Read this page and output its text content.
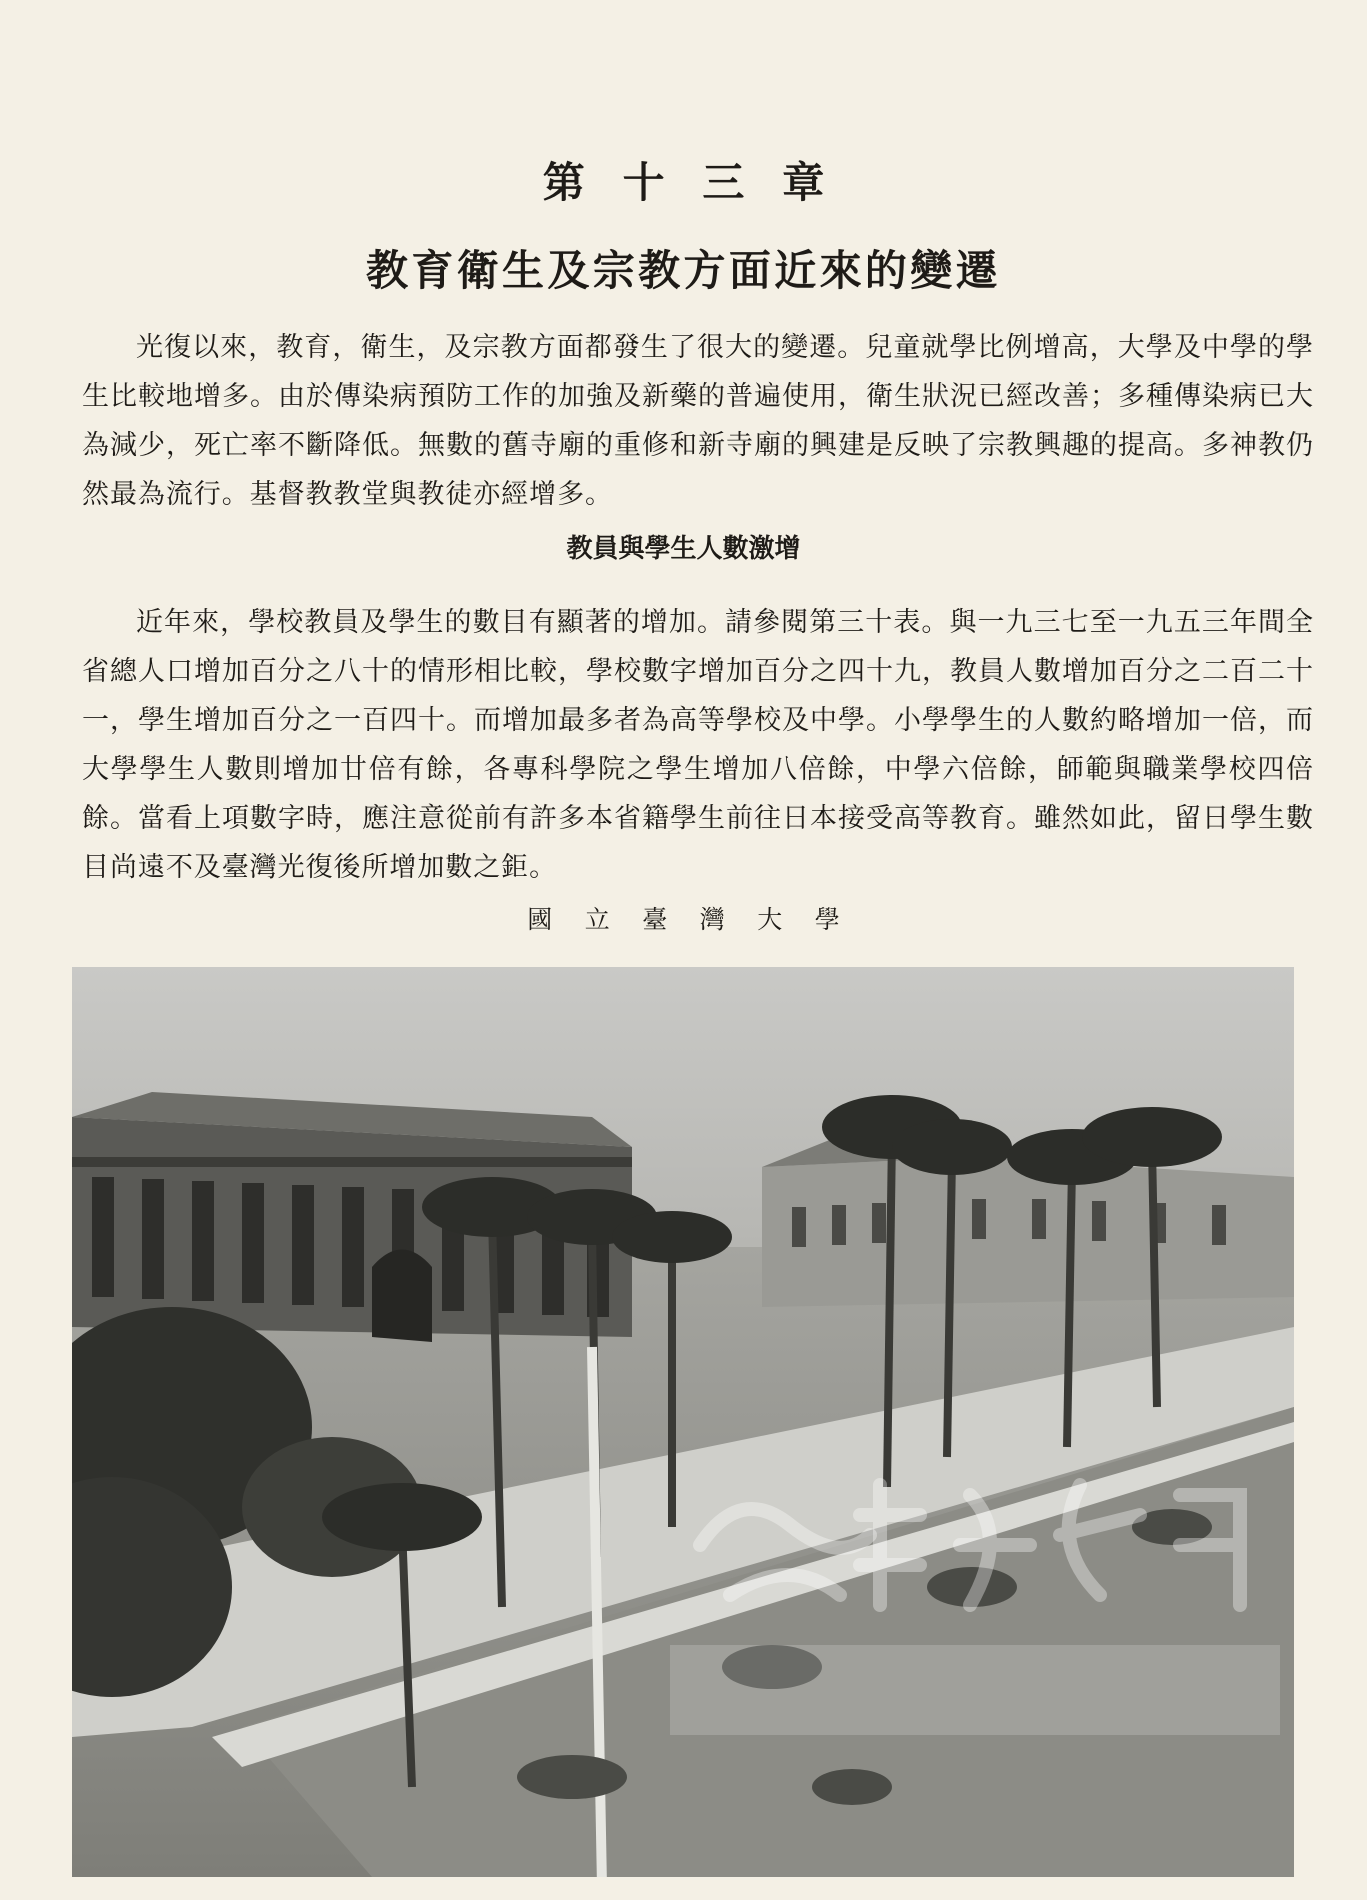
第十三章
教育衛生及宗教方面近來的變遷

光復以來，教育，衛生，及宗教方面都發生了很大的變遷。兒童就學比例增高，大學及中學的學生比較地增多。由於傳染病預防工作的加強及新藥的普遍使用，衛生狀況已經改善；多種傳染病已大為減少，死亡率不斷降低。無數的舊寺廟的重修和新寺廟的興建是反映了宗教興趣的提高。多神教仍然最為流行。基督教教堂與教徒亦經增多。

教員與學生人數激增

近年來，學校教員及學生的數目有顯著的增加。請參閱第三十表。與一九三七至一九五三年間全省總人口增加百分之八十的情形相比較，學校數字增加百分之四十九，教員人數增加百分之二百二十一，學生增加百分之一百四十。而增加最多者為高等學校及中學。小學學生的人數約略增加一倍，而大學學生人數則增加廿倍有餘，各專科學院之學生增加八倍餘，中學六倍餘，師範與職業學校四倍餘。當看上項數字時，應注意從前有許多本省籍學生前往日本接受高等教育。雖然如此，留日學生數目尚遠不及臺灣光復後所增加數之鉅。

國立臺灣大學
